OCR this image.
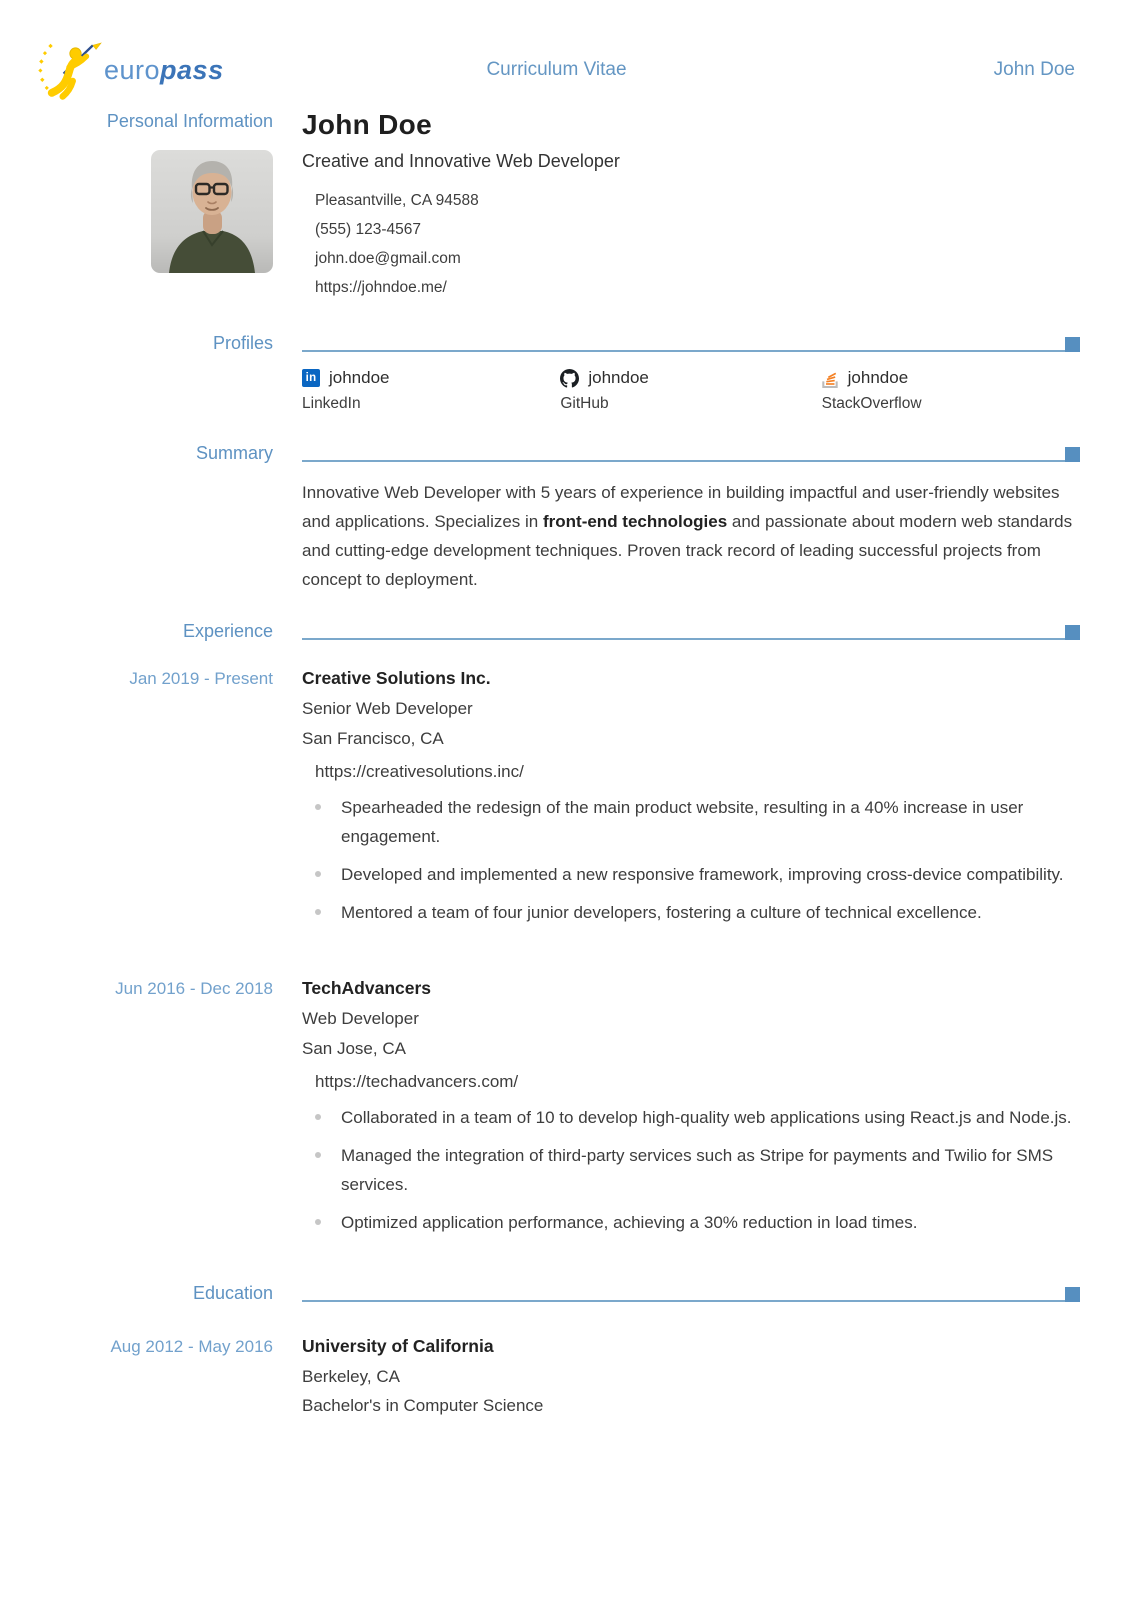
europass	Curriculum Vitae	John Doe
Personal Information John Doe
Creative and Innovative Web Developer
Pleasantville, CA 94588
(555) 123-4567
john.doe@gmail.com
https://johndoe.me/
Profiles
in johndoe
LinkedIn
johndoe
GitHub
johndoe
StackOverflow
Summary

Innovative Web Developer with 5 years of experience in building impactful and user-friendly websites and applications. Specializes in front-end technologies and passionate about modern web standards and cutting-edge development techniques. Proven track record of leading successful projects from concept to deployment.

Experience
Jan 2019 - Present Creative Solutions Inc.
Senior Web Developer
San Francisco, CA
https://creativesolutions.inc/
Spearheaded the redesign of the main product website, resulting in a 40% increase in user engagement.
Developed and implemented a new responsive framework, improving cross-device compatibility.
Mentored a team of four junior developers, fostering a culture of technical excellence.
Jun 2016 - Dec 2018 TechAdvancers
Web Developer
San Jose, CA
https://techadvancers.com/
Collaborated in a team of 10 to develop high-quality web applications using React.js and Node.js.
Managed the integration of third-party services such as Stripe for payments and Twilio for SMS services.
Optimized application performance, achieving a 30% reduction in load times.
Education
Aug 2012 - May 2016 University of California
Berkeley, CA
Bachelor's in Computer Science
